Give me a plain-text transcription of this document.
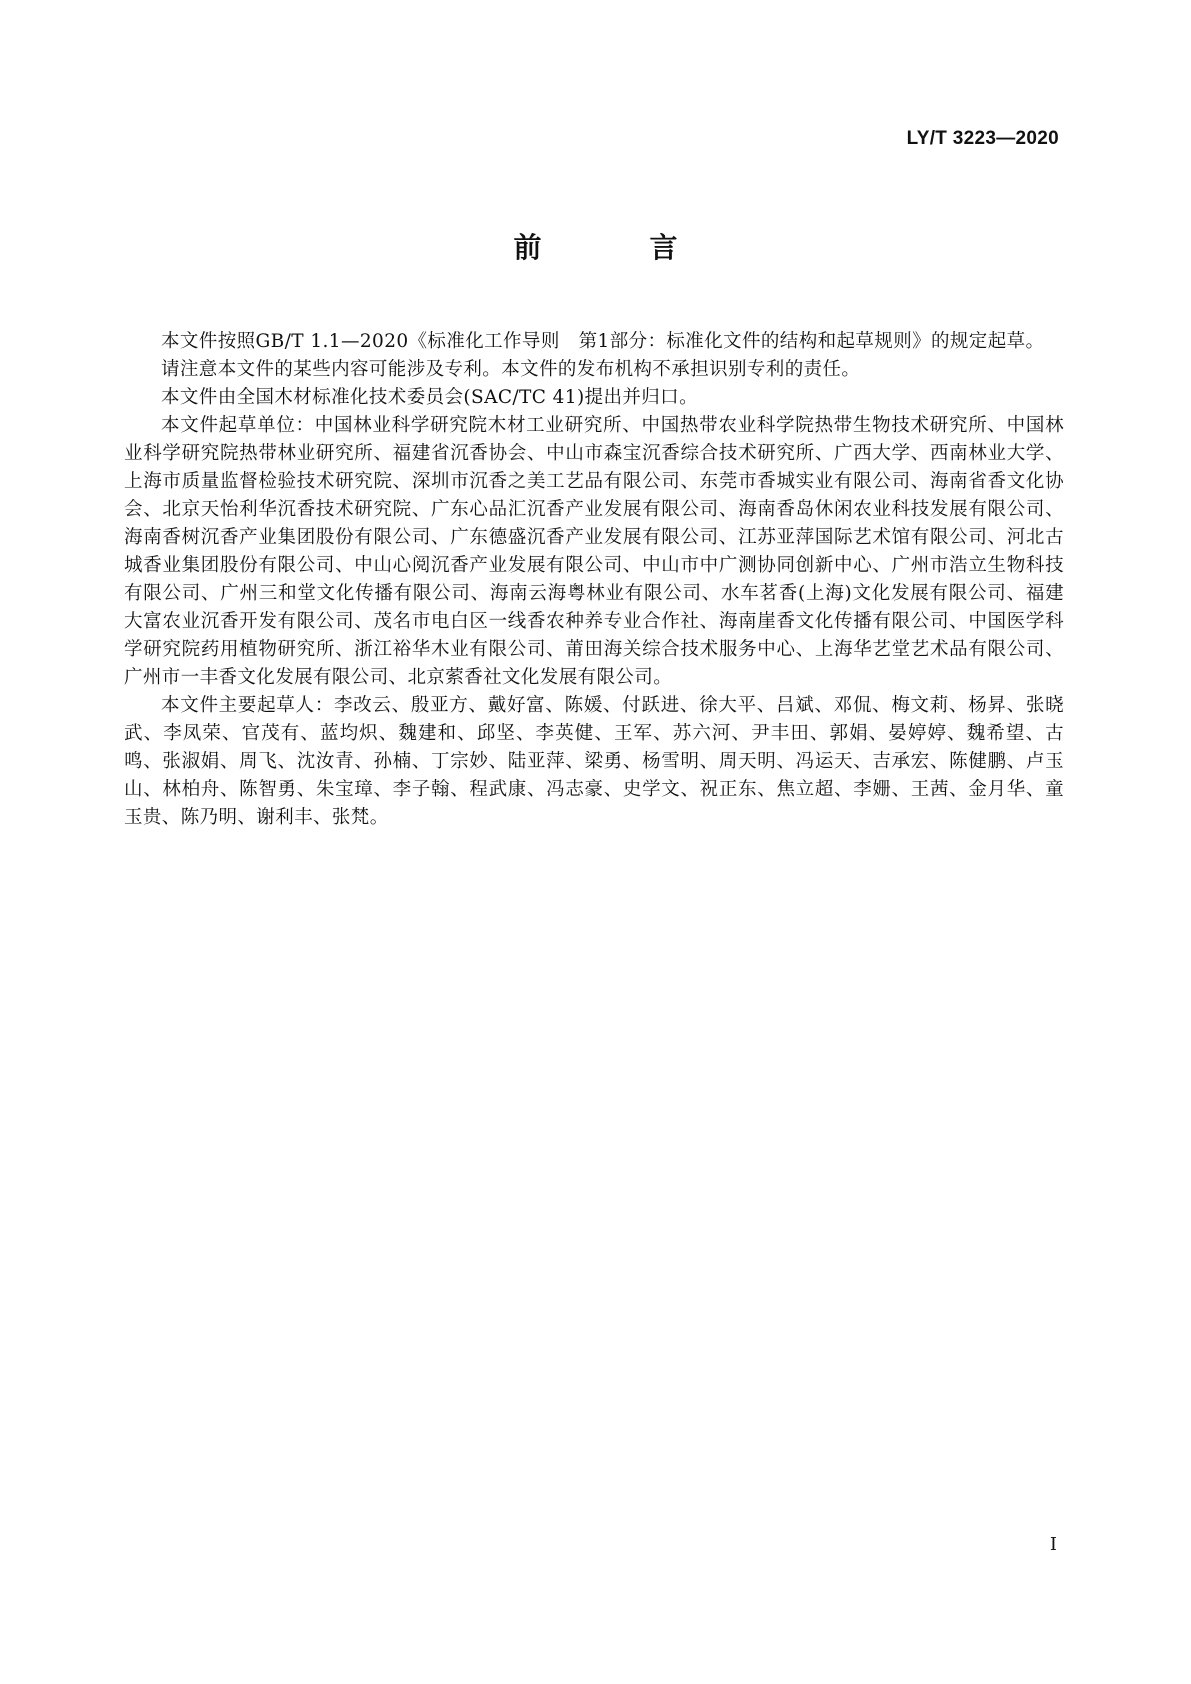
LY/T 3223—2020
前　言

本文件按照GB/T 1.1—2020《标准化工作导则　第1部分：标准化文件的结构和起草规则》的规定起草。

请注意本文件的某些内容可能涉及专利。本文件的发布机构不承担识别专利的责任。

本文件由全国木材标准化技术委员会(SAC/TC 41)提出并归口。

本文件起草单位：中国林业科学研究院木材工业研究所、中国热带农业科学院热带生物技术研究所、中国林业科学研究院热带林业研究所、福建省沉香协会、中山市森宝沉香综合技术研究所、广西大学、西南林业大学、上海市质量监督检验技术研究院、深圳市沉香之美工艺品有限公司、东莞市香城实业有限公司、海南省香文化协会、北京天怡利华沉香技术研究院、广东心品汇沉香产业发展有限公司、海南香岛休闲农业科技发展有限公司、海南香树沉香产业集团股份有限公司、广东德盛沉香产业发展有限公司、江苏亚萍国际艺术馆有限公司、河北古城香业集团股份有限公司、中山心阅沉香产业发展有限公司、中山市中广测协同创新中心、广州市浩立生物科技有限公司、广州三和堂文化传播有限公司、海南云海粤林业有限公司、水车茗香(上海)文化发展有限公司、福建大富农业沉香开发有限公司、茂名市电白区一线香农种养专业合作社、海南崖香文化传播有限公司、中国医学科学研究院药用植物研究所、浙江裕华木业有限公司、莆田海关综合技术服务中心、上海华艺堂艺术品有限公司、广州市一丰香文化发展有限公司、北京萦香社文化发展有限公司。

本文件主要起草人：李改云、殷亚方、戴好富、陈媛、付跃进、徐大平、吕斌、邓侃、梅文莉、杨昇、张晓武、李凤荣、官茂有、蓝均炽、魏建和、邱坚、李英健、王军、苏六河、尹丰田、郭娟、晏婷婷、魏希望、古鸣、张淑娟、周飞、沈汝青、孙楠、丁宗妙、陆亚萍、梁勇、杨雪明、周天明、冯运天、吉承宏、陈健鹏、卢玉山、林柏舟、陈智勇、朱宝璋、李子翰、程武康、冯志豪、史学文、祝正东、焦立超、李姗、王茜、金月华、童玉贵、陈乃明、谢利丰、张梵。

I
